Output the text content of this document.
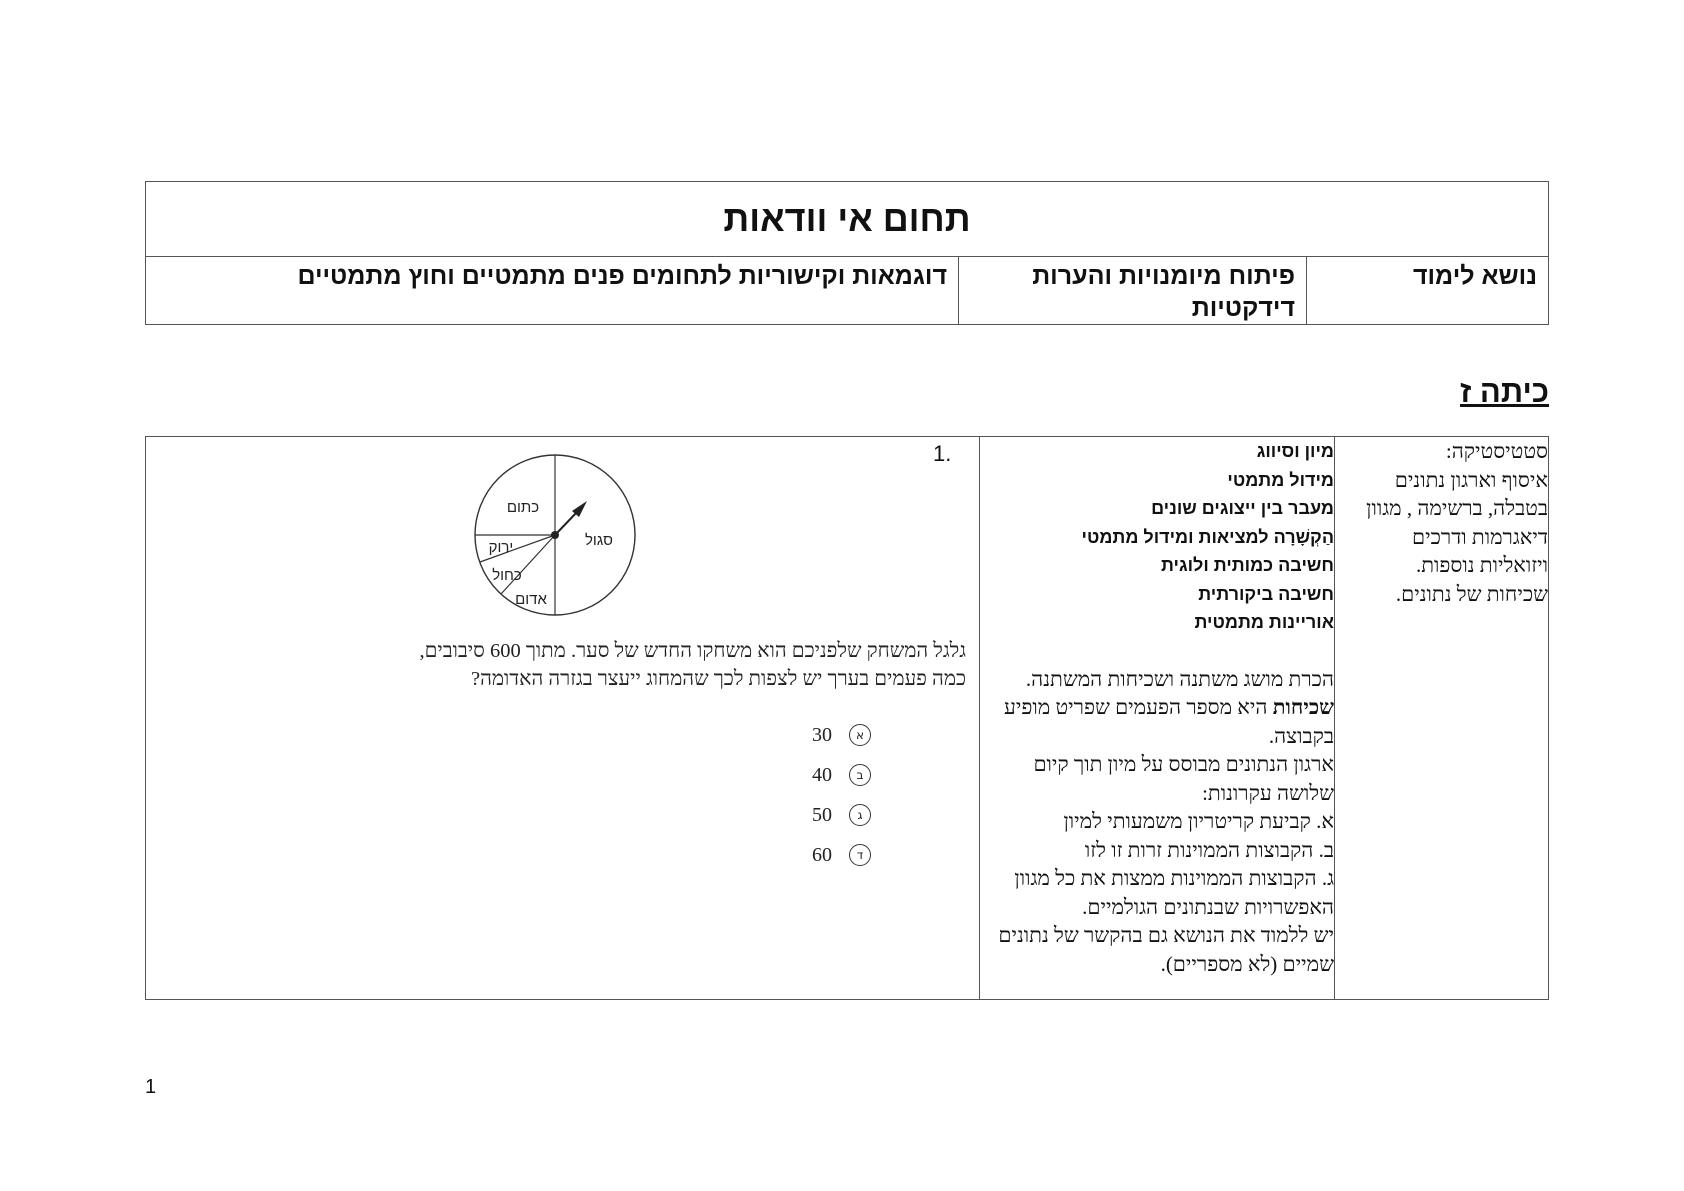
תחום אי וודאות
דוגמאות וקישוריות לתחומים פנים מתמטיים וחוץ מתמטיים	פיתוח מיומנויות והערות דידקטיות	נושא לימוד
כיתה ז
1.
כתום
סגול
ירוק
כחול
אדום
גלגל המשחק שלפניכם הוא משחקו החדש של סער. מתוך 600 סיבובים,
כמה פעמים בערך יש לצפות לכך שהמחוג ייעצר בגזרה האדומה?
30	א
40	ב
50	ג
60	ד

מיון וסיווג
מידול מתמטי
מעבר בין ייצוגים שונים
הַקְשָׁרָה למציאות ומידול מתמטי
חשיבה כמותית ולוגית
חשיבה ביקורתית
אוריינות מתמטית
הכרת מושג משתנה ושכיחות המשתנה.
שכיחות היא מספר הפעמים שפריט מופיע
בקבוצה.
ארגון הנתונים מבוסס על מיון תוך קיום
שלושה עקרונות:
א. קביעת קריטריון משמעותי למיון
ב. הקבוצות הממוינות זרות זו לזו
ג. הקבוצות הממוינות ממצות את כל מגוון
האפשרויות שבנתונים הגולמיים.
יש ללמוד את הנושא גם בהקשר של נתונים
שמיים (לא מספריים).

סטטיסטיקה:
איסוף וארגון נתונים
בטבלה, ברשימה , מגוון
דיאגרמות ודרכים
ויזואליות נוספות.
שכיחות של נתונים.
1
